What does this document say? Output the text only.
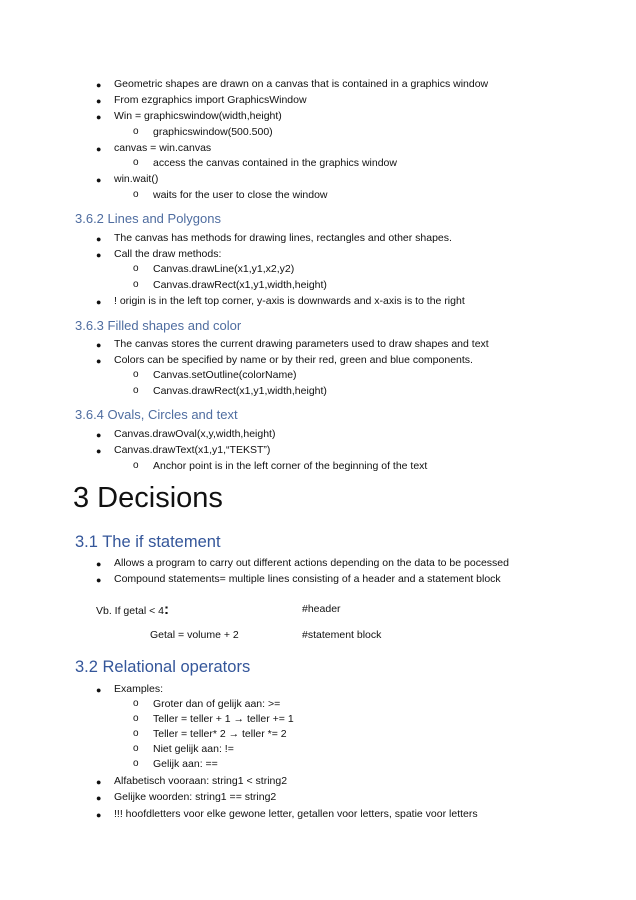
● Geometric shapes are drawn on a canvas that is contained in a graphics window
● From ezgraphics import GraphicsWindow
● Win = graphicswindow(width,height)
o graphicswindow(500.500)
● canvas = win.canvas
o access the canvas contained in the graphics window
● win.wait()
o waits for the user to close the window
3.6.2 Lines and Polygons
● The canvas has methods for drawing lines, rectangles and other shapes.
● Call the draw methods:
o Canvas.drawLine(x1,y1,x2,y2)
o Canvas.drawRect(x1,y1,width,height)
● ! origin is in the left top corner, y-axis is downwards and x-axis is to the right
3.6.3 Filled shapes and color
● The canvas stores the current drawing parameters used to draw shapes and text
● Colors can be specified by name or by their red, green and blue components.
o Canvas.setOutline(colorName)
o Canvas.drawRect(x1,y1,width,height)
3.6.4 Ovals, Circles and text
● Canvas.drawOval(x,y,width,height)
● Canvas.drawText(x1,y1,“TEKST”)
o Anchor point is in the left corner of the beginning of the text
3 Decisions
3.1 The if statement
● Allows a program to carry out different actions depending on the data to be pocessed
● Compound statements= multiple lines consisting of a header and a statement block
Vb. If getal < 4:	#header
Getal = volume + 2	#statement block
3.2 Relational operators
● Examples:
o Groter dan of gelijk aan: >=
o Teller = teller + 1 → teller += 1
o Teller = teller* 2 → teller *= 2
o Niet gelijk aan: !=
o Gelijk aan: ==
● Alfabetisch vooraan: string1 < string2
● Gelijke woorden: string1 == string2
● !!! hoofdletters voor elke gewone letter, getallen voor letters, spatie voor letters
